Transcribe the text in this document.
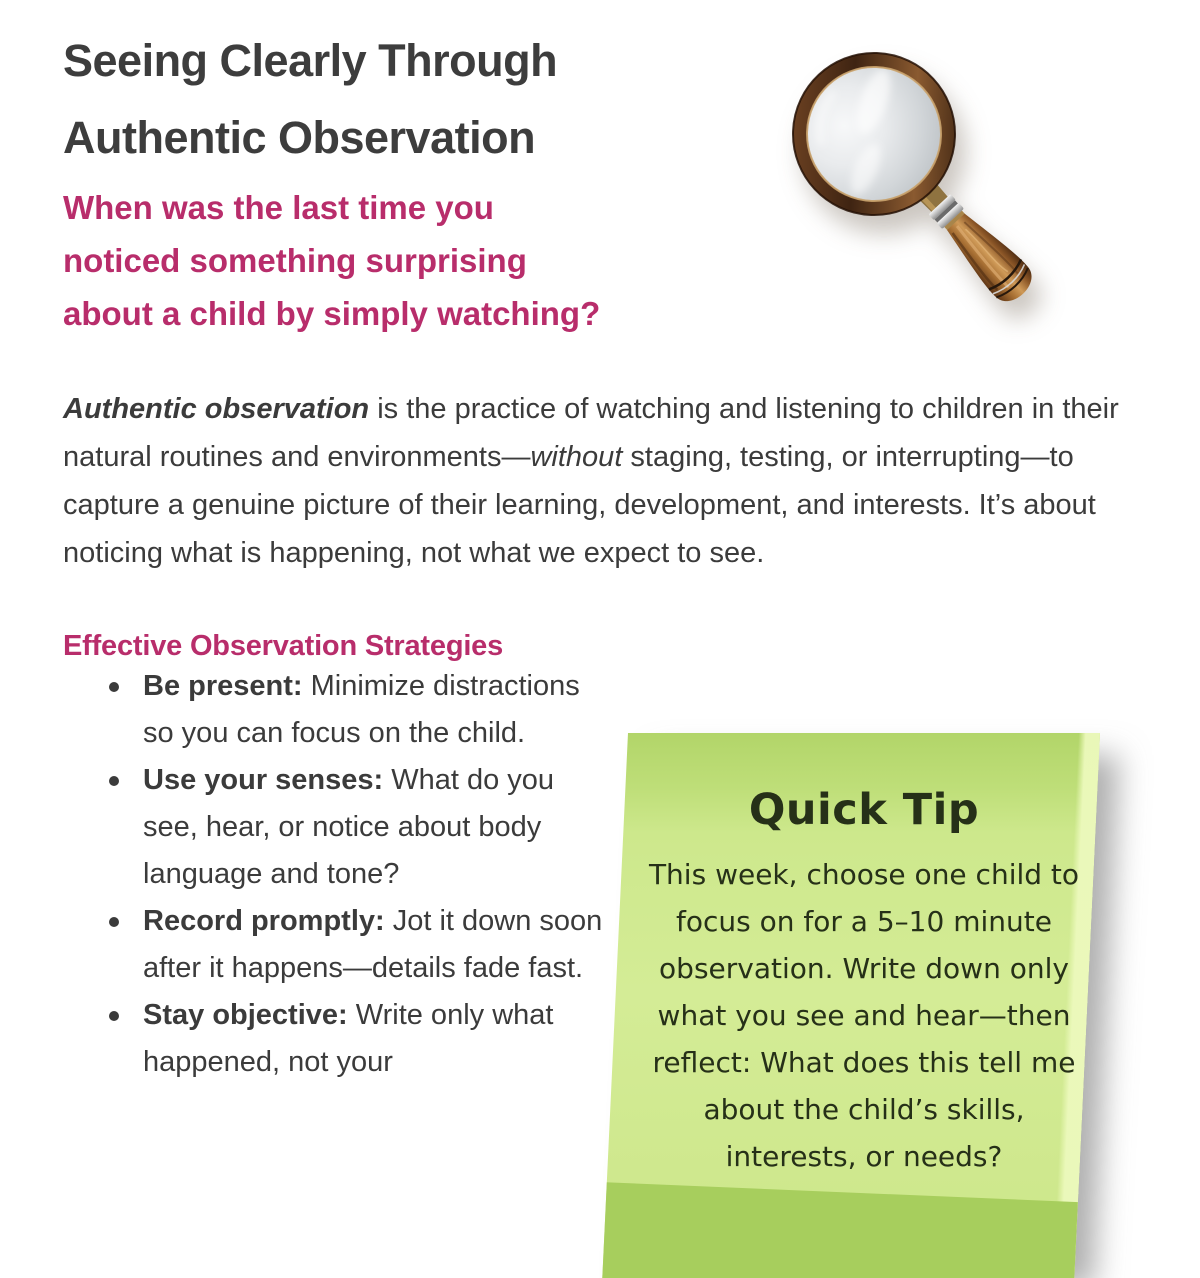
Seeing Clearly Through
Authentic Observation
When was the last time you
noticed something surprising
about a child by simply watching?

Authentic observation is the practice of watching and listening to children in their natural routines and environments—without staging, testing, or interrupting—to capture a genuine picture of their learning, development, and interests. It’s about noticing what is happening, not what we expect to see.

Effective Observation Strategies
Be present: Minimize distractions so you can focus on the child.
Use your senses: What do you see, hear, or notice about body language and tone?
Record promptly: Jot it down soon after it happens—details fade fast.
Stay objective: Write only what happened, not your
Quick Tip
This week, choose one child to
focus on for a 5–10 minute
observation. Write down only
what you see and hear—then
reflect: What does this tell me
about the child’s skills,
interests, or needs?
